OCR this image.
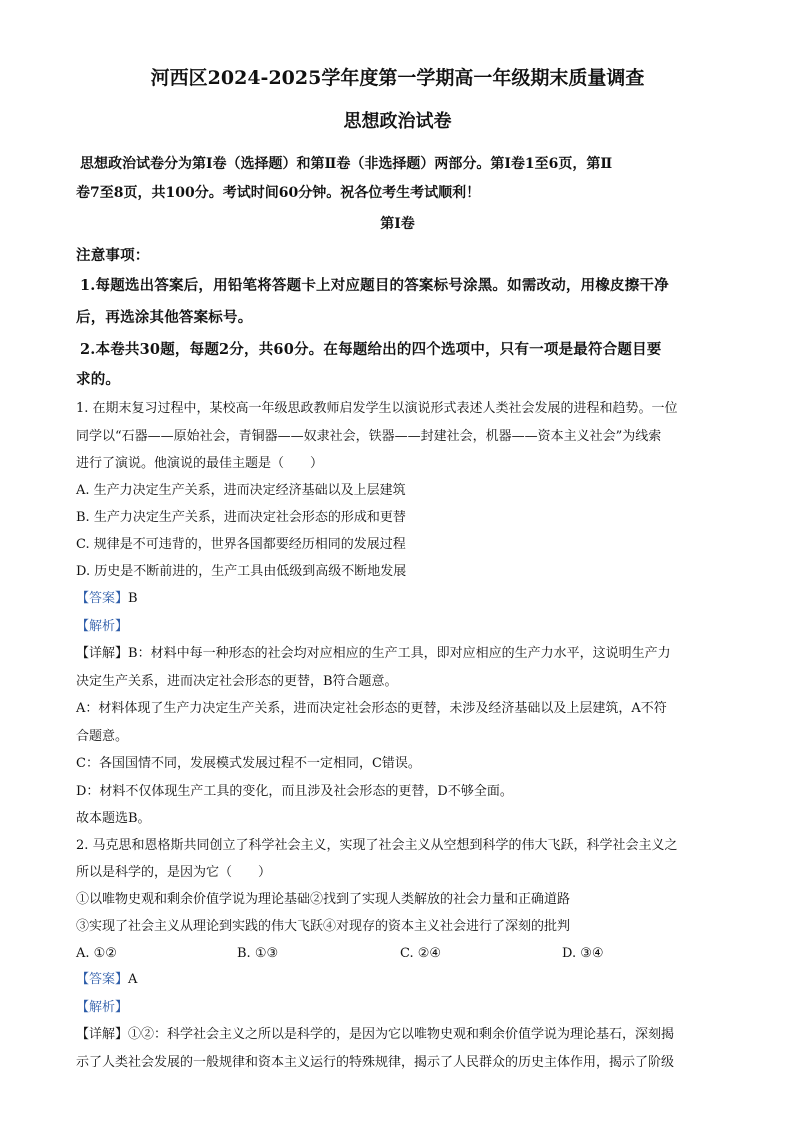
河西区2024-2025学年度第一学期高一年级期末质量调查
思想政治试卷
思想政治试卷分为第Ⅰ卷（选择题）和第Ⅱ卷（非选择题）两部分。第Ⅰ卷1至6页，第Ⅱ
卷7至8页，共100分。考试时间60分钟。祝各位考生考试顺利！
第Ⅰ卷
注意事项：
1.每题选出答案后，用铅笔将答题卡上对应题目的答案标号涂黑。如需改动，用橡皮擦干净
后，再选涂其他答案标号。
2.本卷共30题，每题2分，共60分。在每题给出的四个选项中，只有一项是最符合题目要
求的。
1. 在期末复习过程中，某校高一年级思政教师启发学生以演说形式表述人类社会发展的进程和趋势。一位
同学以“石器——原始社会，青铜器——奴隶社会，铁器——封建社会，机器——资本主义社会”为线索
进行了演说。他演说的最佳主题是（　　）
A. 生产力决定生产关系，进而决定经济基础以及上层建筑
B. 生产力决定生产关系，进而决定社会形态的形成和更替
C. 规律是不可违背的，世界各国都要经历相同的发展过程
D. 历史是不断前进的，生产工具由低级到高级不断地发展
【答案】B
【解析】
【详解】B：材料中每一种形态的社会均对应相应的生产工具，即对应相应的生产力水平，这说明生产力
决定生产关系，进而决定社会形态的更替，B符合题意。
A：材料体现了生产力决定生产关系，进而决定社会形态的更替，未涉及经济基础以及上层建筑，A不符
合题意。
C：各国国情不同，发展模式发展过程不一定相同，C错误。
D：材料不仅体现生产工具的变化，而且涉及社会形态的更替，D不够全面。
故本题选B。
2. 马克思和恩格斯共同创立了科学社会主义，实现了社会主义从空想到科学的伟大飞跃，科学社会主义之
所以是科学的，是因为它（　　）
①以唯物史观和剩余价值学说为理论基础②找到了实现人类解放的社会力量和正确道路
③实现了社会主义从理论到实践的伟大飞跃④对现存的资本主义社会进行了深刻的批判
A. ①②	B. ①③	C. ②④	D. ③④
【答案】A
【解析】
【详解】①②：科学社会主义之所以是科学的，是因为它以唯物史观和剩余价值学说为理论基石，深刻揭
示了人类社会发展的一般规律和资本主义运行的特殊规律，揭示了人民群众的历史主体作用，揭示了阶级
